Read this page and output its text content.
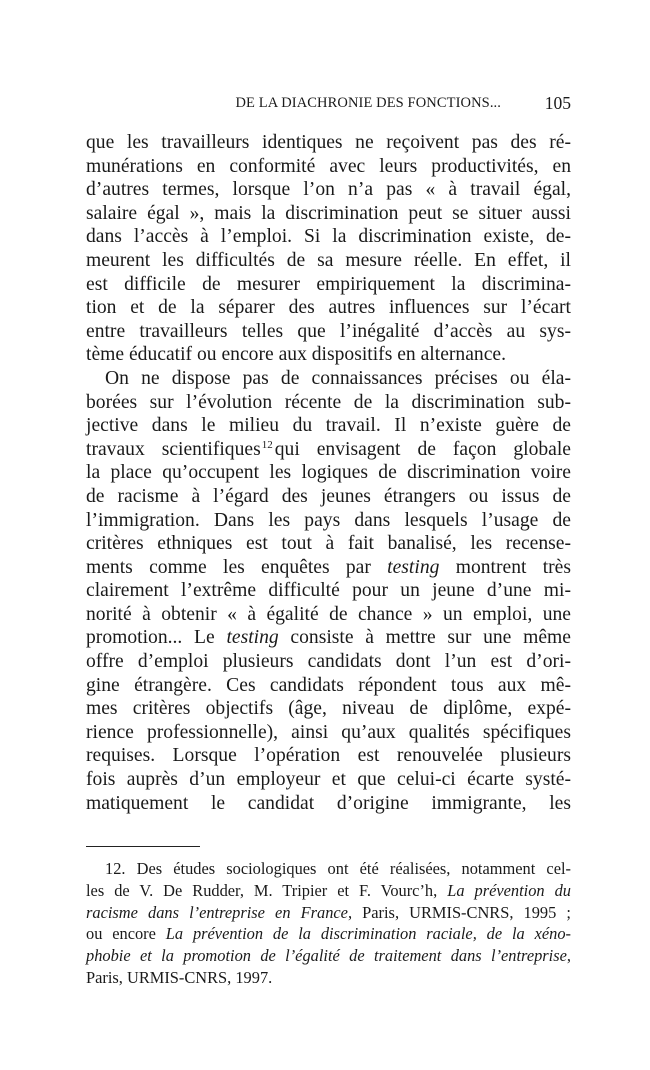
DE LA DIACHRONIE DES FONCTIONS...	105
que les travailleurs identiques ne reçoivent pas des ré-
munérations en conformité avec leurs productivités, en
d’autres termes, lorsque l’on n’a pas « à travail égal,
salaire égal », mais la discrimination peut se situer aussi
dans l’accès à l’emploi. Si la discrimination existe, de-
meurent les difficultés de sa mesure réelle. En effet, il
est difficile de mesurer empiriquement la discrimina-
tion et de la séparer des autres influences sur l’écart
entre travailleurs telles que l’inégalité d’accès au sys-
tème éducatif ou encore aux dispositifs en alternance.
On ne dispose pas de connaissances précises ou éla-
borées sur l’évolution récente de la discrimination sub-
jective dans le milieu du travail. Il n’existe guère de
travaux scientifiques$^{12}$ qui envisagent de façon globale
la place qu’occupent les logiques de discrimination voire
de racisme à l’égard des jeunes étrangers ou issus de
l’immigration. Dans les pays dans lesquels l’usage de
critères ethniques est tout à fait banalisé, les recense-
ments comme les enquêtes par testing montrent très
clairement l’extrême difficulté pour un jeune d’une mi-
norité à obtenir « à égalité de chance » un emploi, une
promotion... Le testing consiste à mettre sur une même
offre d’emploi plusieurs candidats dont l’un est d’ori-
gine étrangère. Ces candidats répondent tous aux mê-
mes critères objectifs (âge, niveau de diplôme, expé-
rience professionnelle), ainsi qu’aux qualités spécifiques
requises. Lorsque l’opération est renouvelée plusieurs
fois auprès d’un employeur et que celui-ci écarte systé-
matiquement le candidat d’origine immigrante, les
12. Des études sociologiques ont été réalisées, notamment cel-
les de V. De Rudder, M. Tripier et F. Vourc’h, La prévention du
racisme dans l’entreprise en France, Paris, URMIS-CNRS, 1995 ;
ou encore La prévention de la discrimination raciale, de la xéno-
phobie et la promotion de l’égalité de traitement dans l’entreprise,
Paris, URMIS-CNRS, 1997.
